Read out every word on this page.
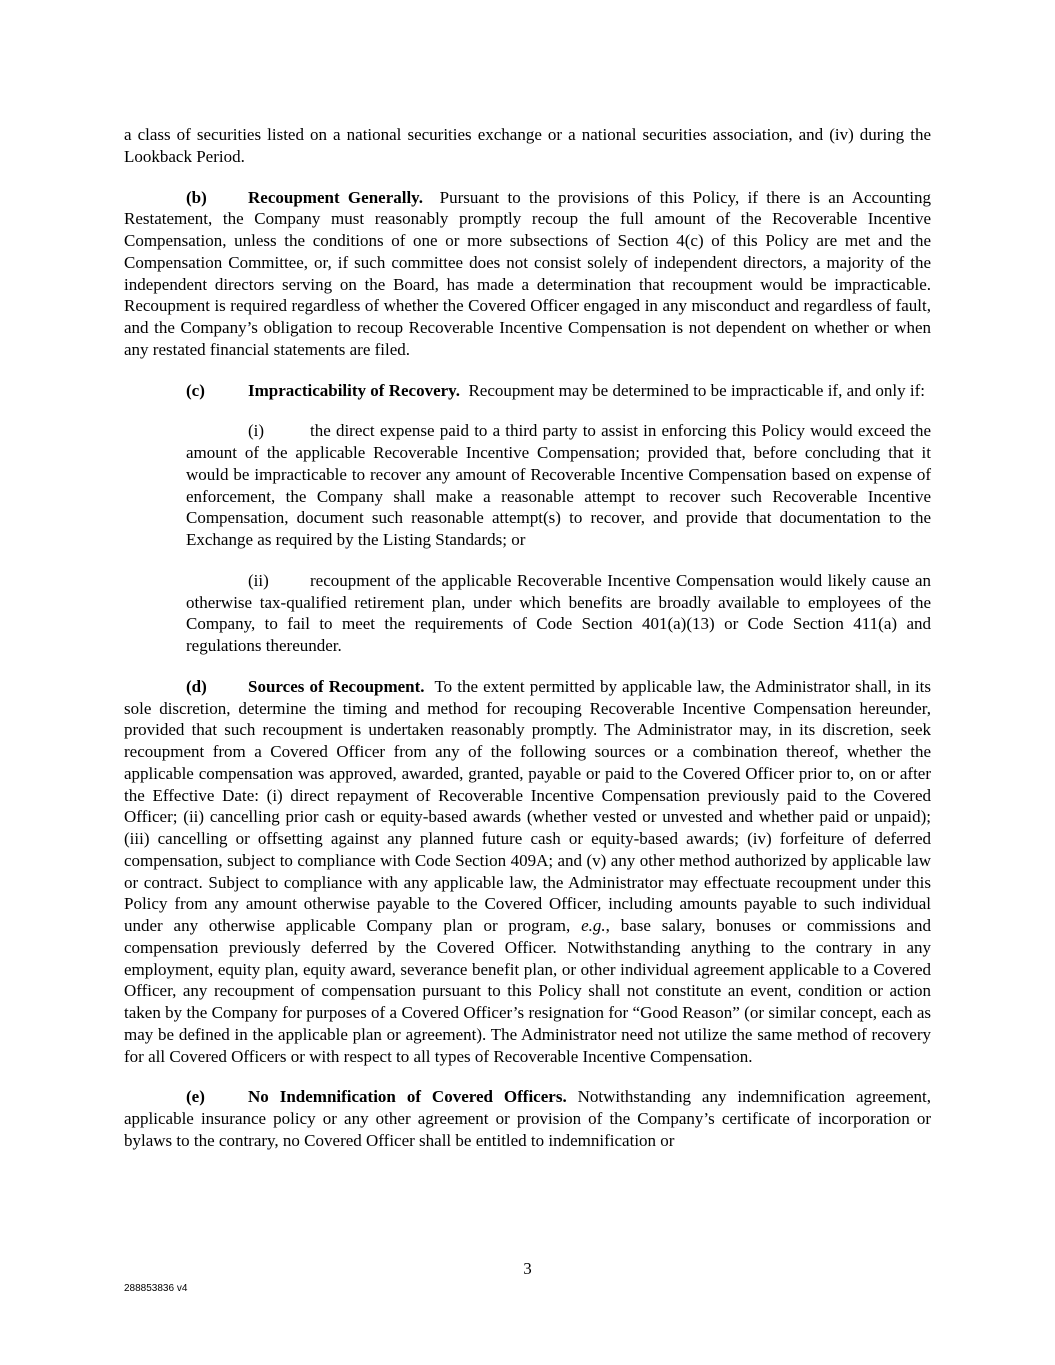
a class of securities listed on a national securities exchange or a national securities association, and (iv) during the Lookback Period.

(b) Recoupment Generally. Pursuant to the provisions of this Policy, if there is an Accounting Restatement, the Company must reasonably promptly recoup the full amount of the Recoverable Incentive Compensation, unless the conditions of one or more subsections of Section 4(c) of this Policy are met and the Compensation Committee, or, if such committee does not consist solely of independent directors, a majority of the independent directors serving on the Board, has made a determination that recoupment would be impracticable. Recoupment is required regardless of whether the Covered Officer engaged in any misconduct and regardless of fault, and the Company’s obligation to recoup Recoverable Incentive Compensation is not dependent on whether or when any restated financial statements are filed.

(c)	Impracticability of Recovery. Recoupment may be determined to be impracticable if, and only if:

(i)	the direct expense paid to a third party to assist in enforcing this Policy would exceed the amount of the applicable Recoverable Incentive Compensation; provided that, before concluding that it would be impracticable to recover any amount of Recoverable Incentive Compensation based on expense of enforcement, the Company shall make a reasonable attempt to recover such Recoverable Incentive Compensation, document such reasonable attempt(s) to recover, and provide that documentation to the Exchange as required by the Listing Standards; or

(ii) recoupment of the applicable Recoverable Incentive Compensation would likely cause an otherwise tax-qualified retirement plan, under which benefits are broadly available to employees of the Company, to fail to meet the requirements of Code Section 401(a)(13) or Code Section 411(a) and regulations thereunder.

(d) Sources of Recoupment. To the extent permitted by applicable law, the Administrator shall, in its sole discretion, determine the timing and method for recouping Recoverable Incentive Compensation hereunder, provided that such recoupment is undertaken reasonably promptly. The Administrator may, in its discretion, seek recoupment from a Covered Officer from any of the following sources or a combination thereof, whether the applicable compensation was approved, awarded, granted, payable or paid to the Covered Officer prior to, on or after the Effective Date: (i) direct repayment of Recoverable Incentive Compensation previously paid to the Covered Officer; (ii) cancelling prior cash or equity-based awards (whether vested or unvested and whether paid or unpaid); (iii) cancelling or offsetting against any planned future cash or equity-based awards; (iv) forfeiture of deferred compensation, subject to compliance with Code Section 409A; and (v) any other method authorized by applicable law or contract. Subject to compliance with any applicable law, the Administrator may effectuate recoupment under this Policy from any amount otherwise payable to the Covered Officer, including amounts payable to such individual under any otherwise applicable Company plan or program, e.g., base salary, bonuses or commissions and compensation previously deferred by the Covered Officer. Notwithstanding anything to the contrary in any employment, equity plan, equity award, severance benefit plan, or other individual agreement applicable to a Covered Officer, any recoupment of compensation pursuant to this Policy shall not constitute an event, condition or action taken by the Company for purposes of a Covered Officer’s resignation for “Good Reason” (or similar concept, each as may be defined in the applicable plan or agreement). The Administrator need not utilize the same method of recovery for all Covered Officers or with respect to all types of Recoverable Incentive Compensation.

(e)	No Indemnification of Covered Officers. Notwithstanding any indemnification agreement, applicable insurance policy or any other agreement or provision of the Company’s certificate of incorporation or bylaws to the contrary, no Covered Officer shall be entitled to indemnification or

3
288853836 v4
